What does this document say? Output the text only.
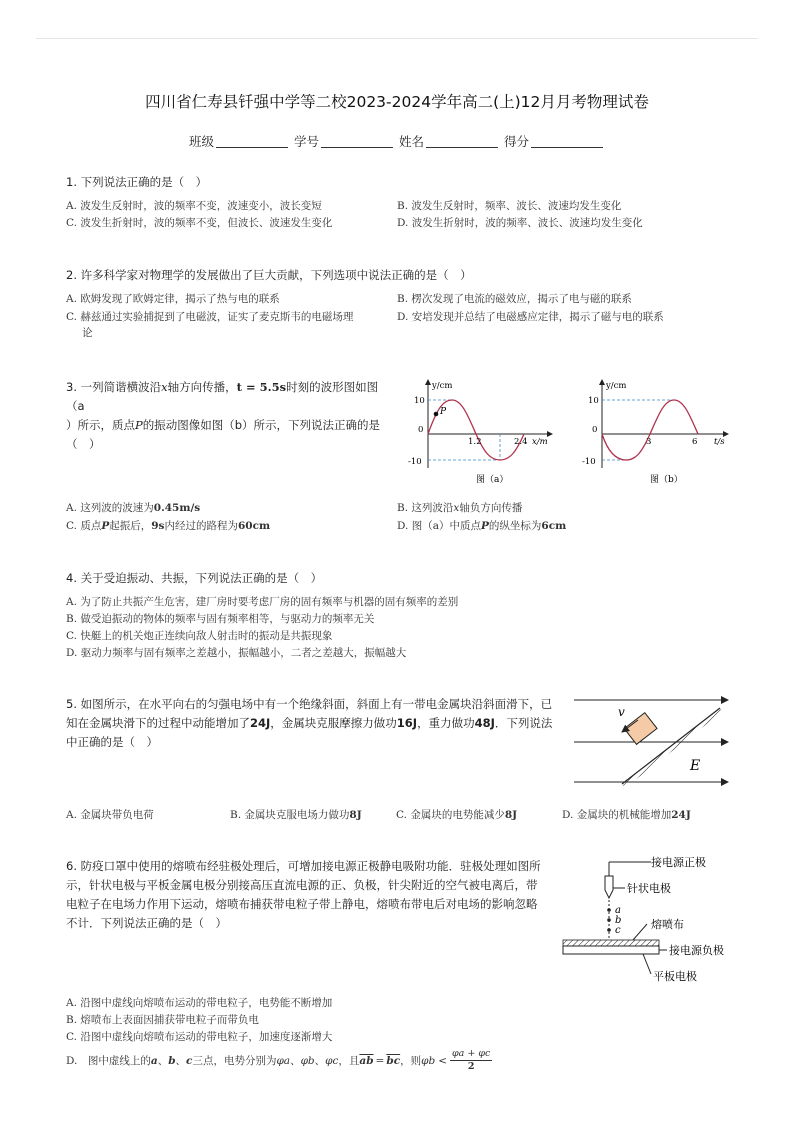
四川省仁寿县钎强中学等二校2023-2024学年高二(上)12月月考物理试卷
班级	学号	姓名	得分
1. 下列说法正确的是（　）
A. 波发生反射时，波的频率不变，波速变小，波长变短	B. 波发生反射时，频率、波长、波速均发生变化
C. 波发生折射时，波的频率不变，但波长、波速发生变化	D. 波发生折射时，波的频率、波长、波速均发生变化
2. 许多科学家对物理学的发展做出了巨大贡献，下列选项中说法正确的是（　）
A. 欧姆发现了欧姆定律，揭示了热与电的联系	B. 楞次发现了电流的磁效应，揭示了电与磁的联系
C. 赫兹通过实验捕捉到了电磁波，证实了麦克斯韦的电磁场理
论
D. 安培发现并总结了电磁感应定律，揭示了磁与电的联系
3. 一列简谐横波沿x轴方向传播，t = 5.5s时刻的波形图如图（a
）所示，质点P的振动图像如图（b）所示，下列说法正确的是
（　）
P
y/cm
x/m
10
0
-10
1.2	2.4
图（a）
y/cm
t/s
10
0
-10
3	6
图（b）
A. 这列波的波速为0.45m/s	B. 这列波沿x轴负方向传播
C. 质点P起振后，9s内经过的路程为60cm	D. 图（a）中质点P的纵坐标为6cm
4. 关于受迫振动、共振，下列说法正确的是（　）
A. 为了防止共振产生危害，建厂房时要考虑厂房的固有频率与机器的固有频率的差别
B. 做受迫振动的物体的频率与固有频率相等，与驱动力的频率无关
C. 快艇上的机关炮正连续向敌人射击时的振动是共振现象
D. 驱动力频率与固有频率之差越小，振幅越小，二者之差越大，振幅越大
5. 如图所示，在水平向右的匀强电场中有一个绝缘斜面，斜面上有一带电金属块沿斜面滑下，已
知在金属块滑下的过程中动能增加了24J，金属块克服摩擦力做功16J，重力做功48J．下列说法
中正确的是（　）
v
E
A. 金属块带负电荷	B. 金属块克服电场力做功8J	C. 金属块的电势能减少8J	D. 金属块的机械能增加24J
6. 防疫口罩中使用的熔喷布经驻极处理后，可增加接电源正极静电吸附功能．驻极处理如图所
示，针状电极与平板金属电极分别接高压直流电源的正、负极，针尖附近的空气被电离后，带
电粒子在电场力作用下运动，熔喷布捕获带电粒子带上静电，熔喷布带电后对电场的影响忽略
不计．下列说法正确的是（　）
接电源正极
针状电极
a
b
c	熔喷布
接电源负极
平板电极
A. 沿图中虚线向熔喷布运动的带电粒子，电势能不断增加
B. 熔喷布上表面因捕获带电粒子而带负电
C. 沿图中虚线向熔喷布运动的带电粒子，加速度逐渐增大
D.　图中虚线上的 a 、 b 、 c 三点，电势分别为 φa 、 φb 、 φc ，且 $\overline{ab} = \overline{bc}$ ，则 $\varphi b < \frac{\varphi a + \varphi c}{2}$
